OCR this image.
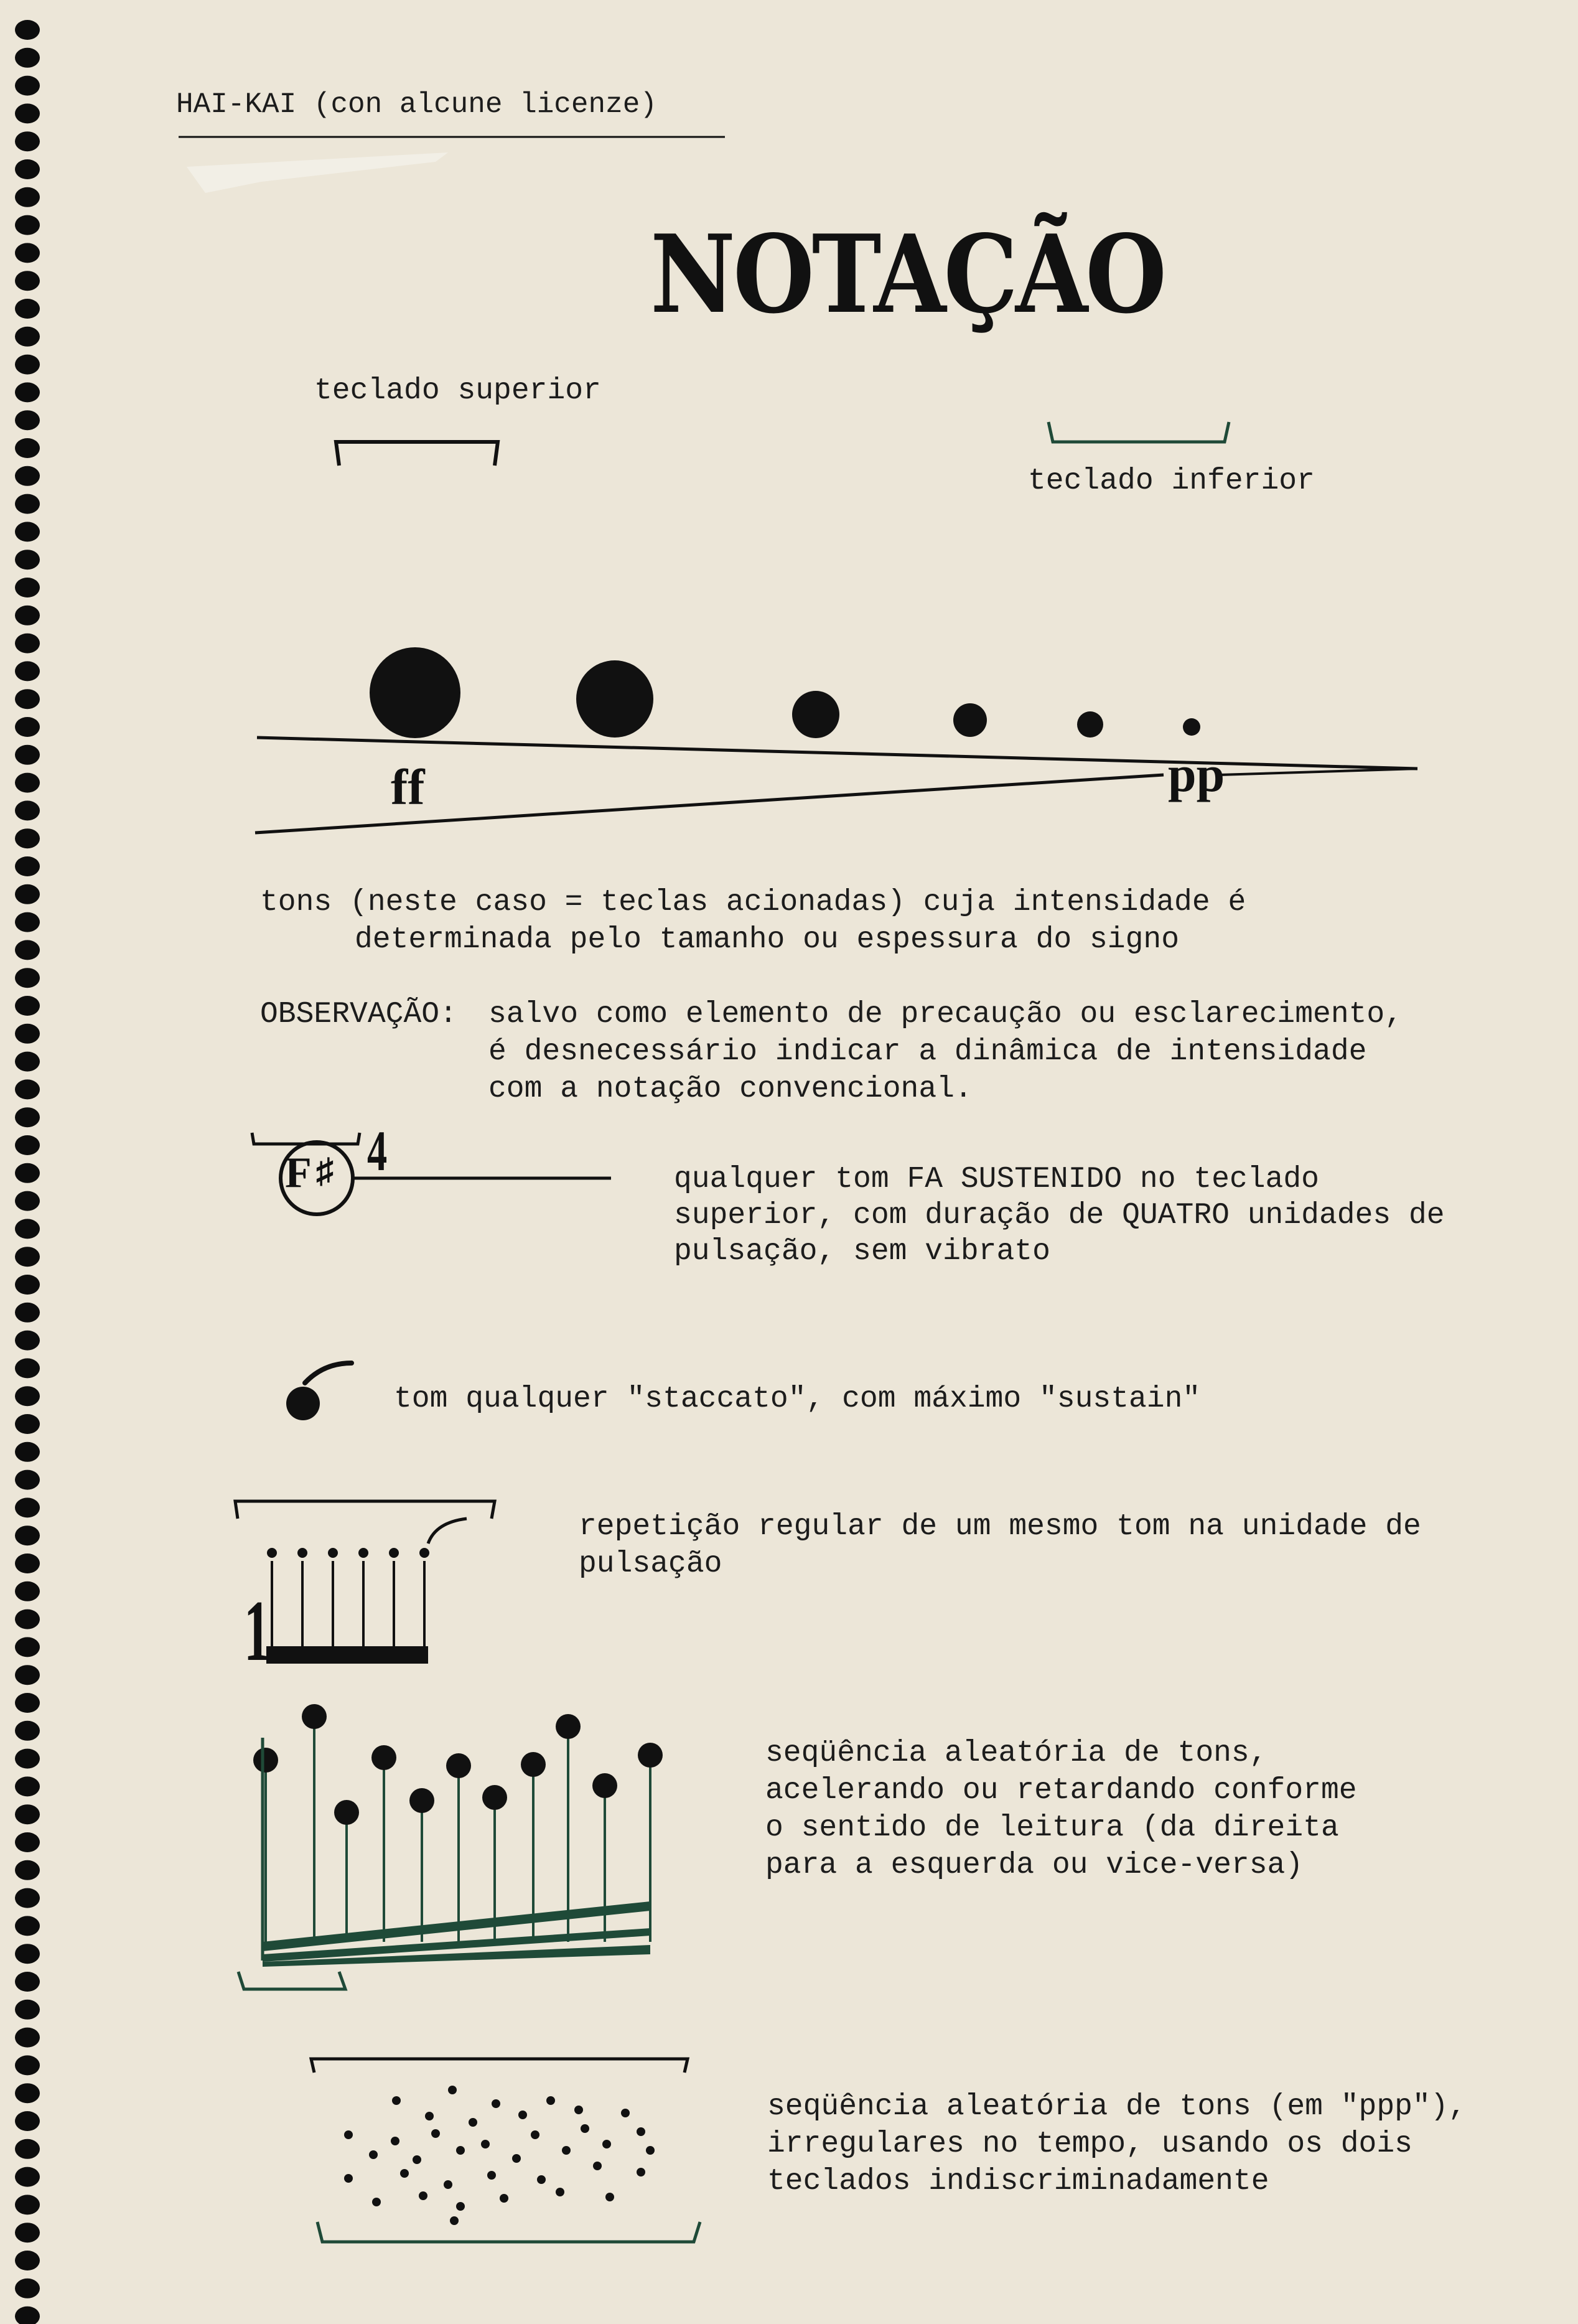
HAI-KAI (con alcune licenze)
NOTAÇÃO
teclado superior
teclado inferior
ff	pp
tons (neste caso = teclas acionadas) cuja intensidade é
determinada pelo tamanho ou espessura do signo
OBSERVAÇÃO: salvo como elemento de precaução ou esclarecimento,
é desnecessário indicar a dinâmica de intensidade
com a notação convencional.
F ♯ 4	qualquer tom FA SUSTENIDO no teclado
superior, com duração de QUATRO unidades de
pulsação, sem vibrato
tom qualquer "staccato", com máximo "sustain"
1
repetição regular de um mesmo tom na unidade de
pulsação
seqüência aleatória de tons,
acelerando ou retardando conforme
o sentido de leitura (da direita
para a esquerda ou vice-versa)
seqüência aleatória de tons (em "ppp"),
irregulares no tempo, usando os dois
teclados indiscriminadamente
